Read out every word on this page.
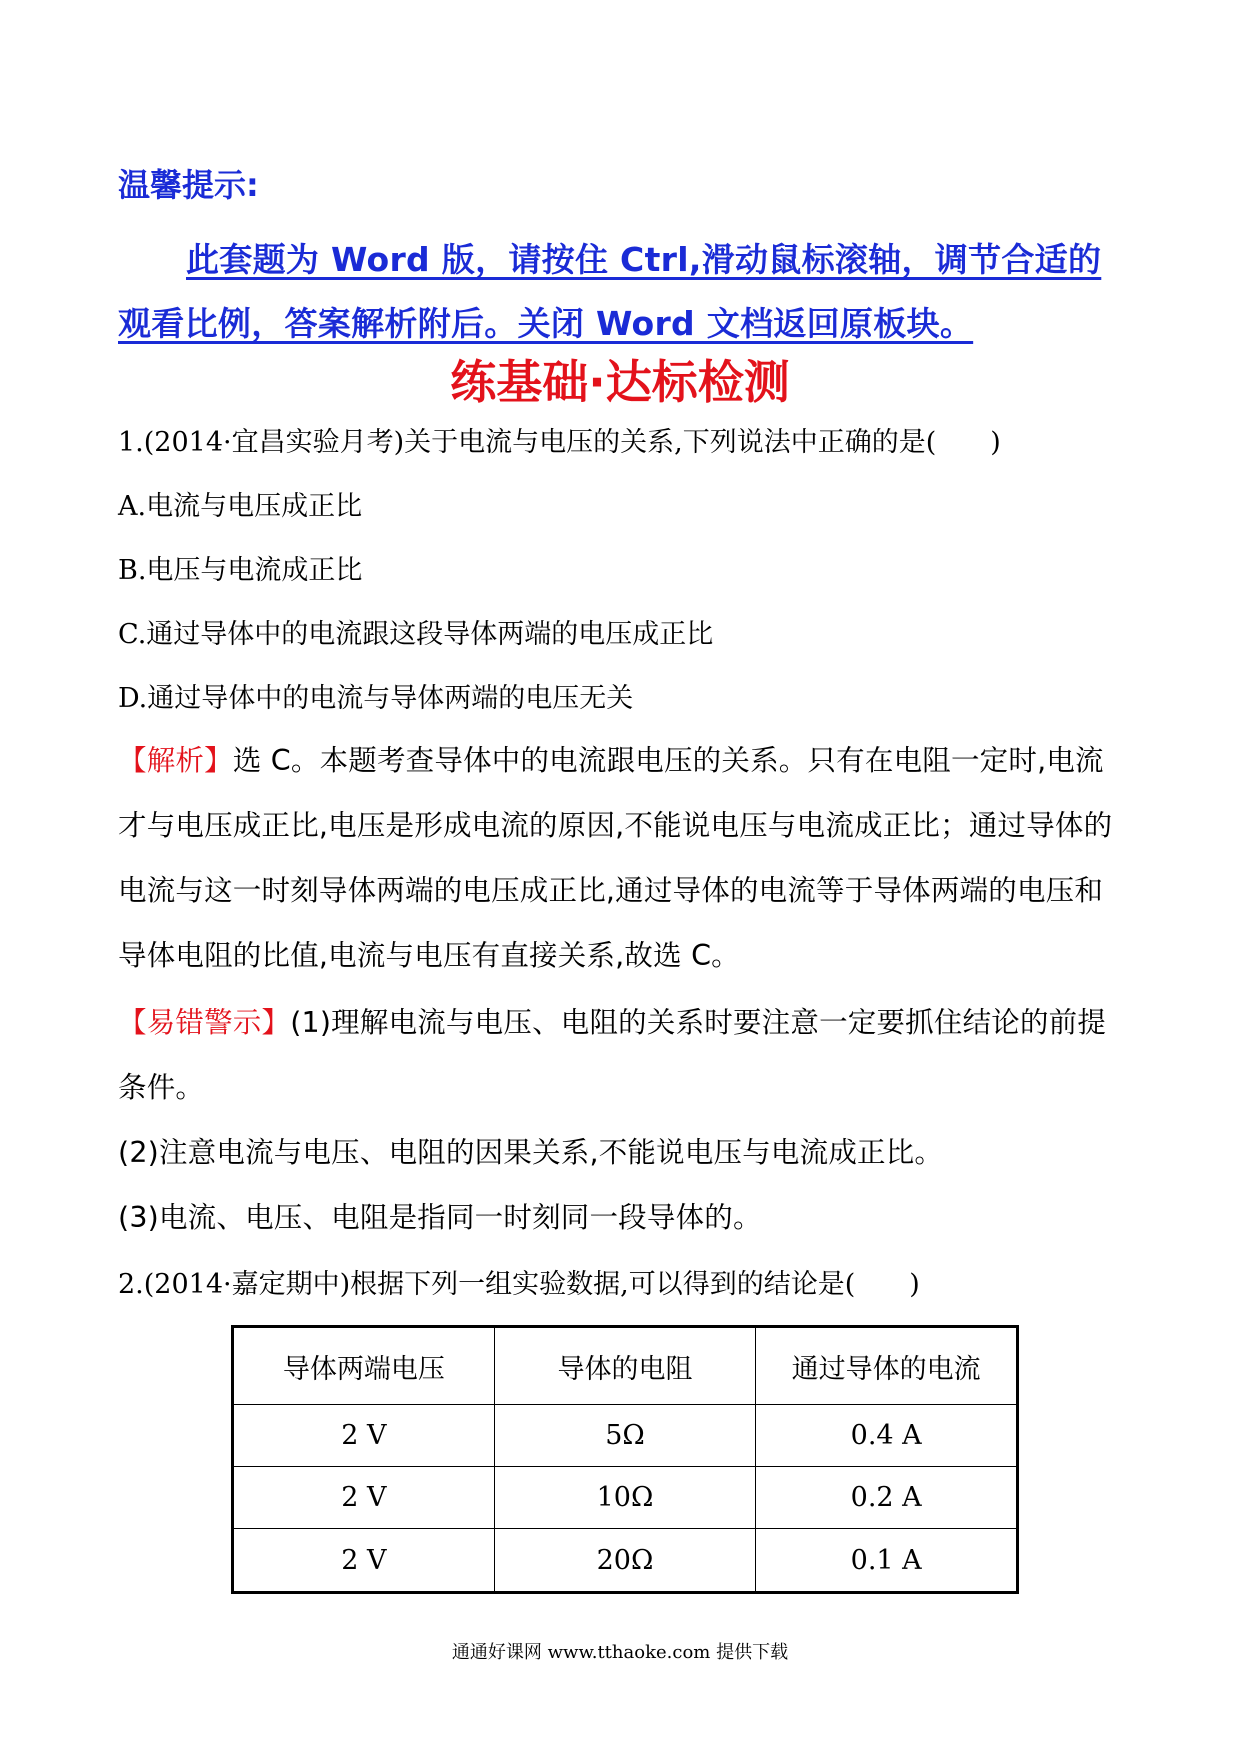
温馨提示:
此套题为 Word 版，请按住 Ctrl,滑动鼠标滚轴，调节合适的观看比例，答案解析附后。关闭 Word 文档返回原板块。
练基础·达标检测
1.(2014·宜昌实验月考)关于电流与电压的关系,下列说法中正确的是(　　)
A.电流与电压成正比
B.电压与电流成正比
C.通过导体中的电流跟这段导体两端的电压成正比
D.通过导体中的电流与导体两端的电压无关
【解析】选 C。本题考查导体中的电流跟电压的关系。只有在电阻一定时,电流才与电压成正比,电压是形成电流的原因,不能说电压与电流成正比；通过导体的电流与这一时刻导体两端的电压成正比,通过导体的电流等于导体两端的电压和导体电阻的比值,电流与电压有直接关系,故选 C。
【易错警示】(1)理解电流与电压、电阻的关系时要注意一定要抓住结论的前提条件。
(2)注意电流与电压、电阻的因果关系,不能说电压与电流成正比。
(3)电流、电压、电阻是指同一时刻同一段导体的。
2.(2014·嘉定期中)根据下列一组实验数据,可以得到的结论是(　　)
导体两端电压	导体的电阻	通过导体的电流
2 V	5Ω	0.4 A
2 V	10Ω	0.2 A
2 V	20Ω	0.1 A
通通好课网 www.tthaoke.com 提供下载
